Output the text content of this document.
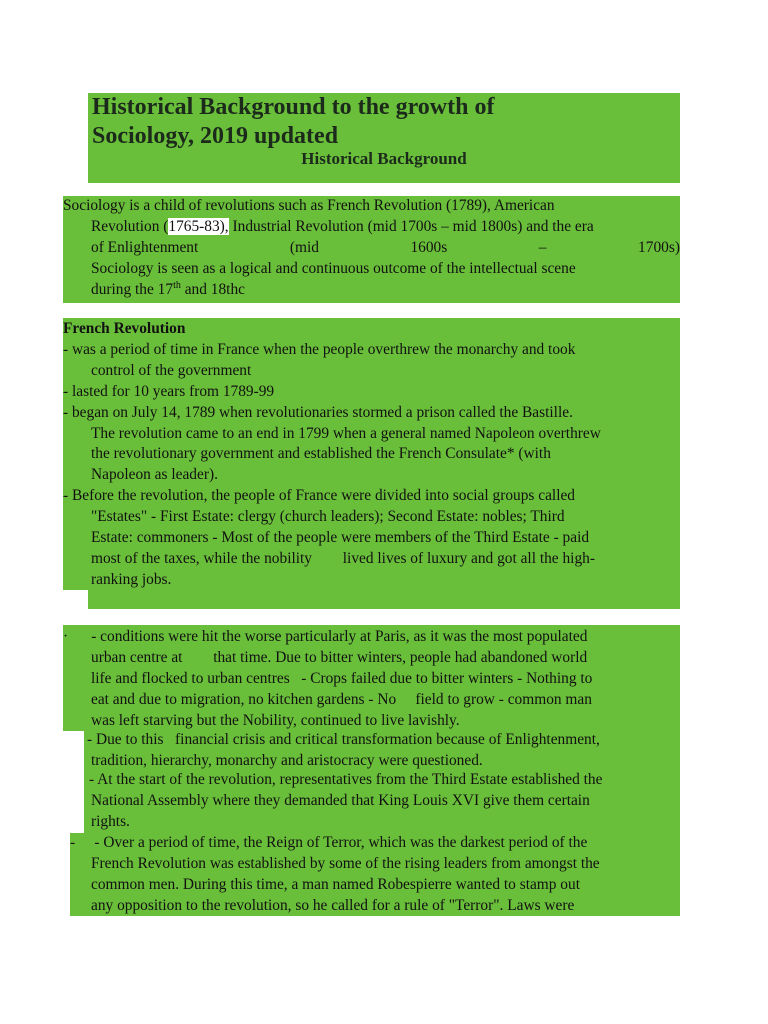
Historical Background to the growth of
Sociology, 2019 updated
Historical Background
Sociology is a child of revolutions such as French Revolution (1789), American
Revolution (1765-83), Industrial Revolution (mid 1700s – mid 1800s) and the era
of Enlightenment	(mid	1600s	–	1700s)
Sociology is seen as a logical and continuous outcome of the intellectual scene
during the 17th and 18thc
French Revolution
- was a period of time in France when the people overthrew the monarchy and took
control of the government
- lasted for 10 years from 1789-99
- began on July 14, 1789 when revolutionaries stormed a prison called the Bastille.
The revolution came to an end in 1799 when a general named Napoleon overthrew
the revolutionary government and established the French Consulate* (with
Napoleon as leader).
- Before the revolution, the people of France were divided into social groups called
"Estates" - First Estate: clergy (church leaders); Second Estate: nobles; Third
Estate: commoners - Most of the people were members of the Third Estate - paid
most of the taxes, while the nobility        lived lives of luxury and got all the high-
ranking jobs.
·      - conditions were hit the worse particularly at Paris, as it was the most populated
urban centre at        that time. Due to bitter winters, people had abandoned world
life and flocked to urban centres   - Crops failed due to bitter winters - Nothing to
eat and due to migration, no kitchen gardens - No     field to grow - common man
was left starving but the Nobility, continued to live lavishly.
- Due to this   financial crisis and critical transformation because of Enlightenment,
tradition, hierarchy, monarchy and aristocracy were questioned.
- At the start of the revolution, representatives from the Third Estate established the
National Assembly where they demanded that King Louis XVI give them certain
rights.
-     - Over a period of time, the Reign of Terror, which was the darkest period of the
French Revolution was established by some of the rising leaders from amongst the
common men. During this time, a man named Robespierre wanted to stamp out
any opposition to the revolution, so he called for a rule of "Terror". Laws were
